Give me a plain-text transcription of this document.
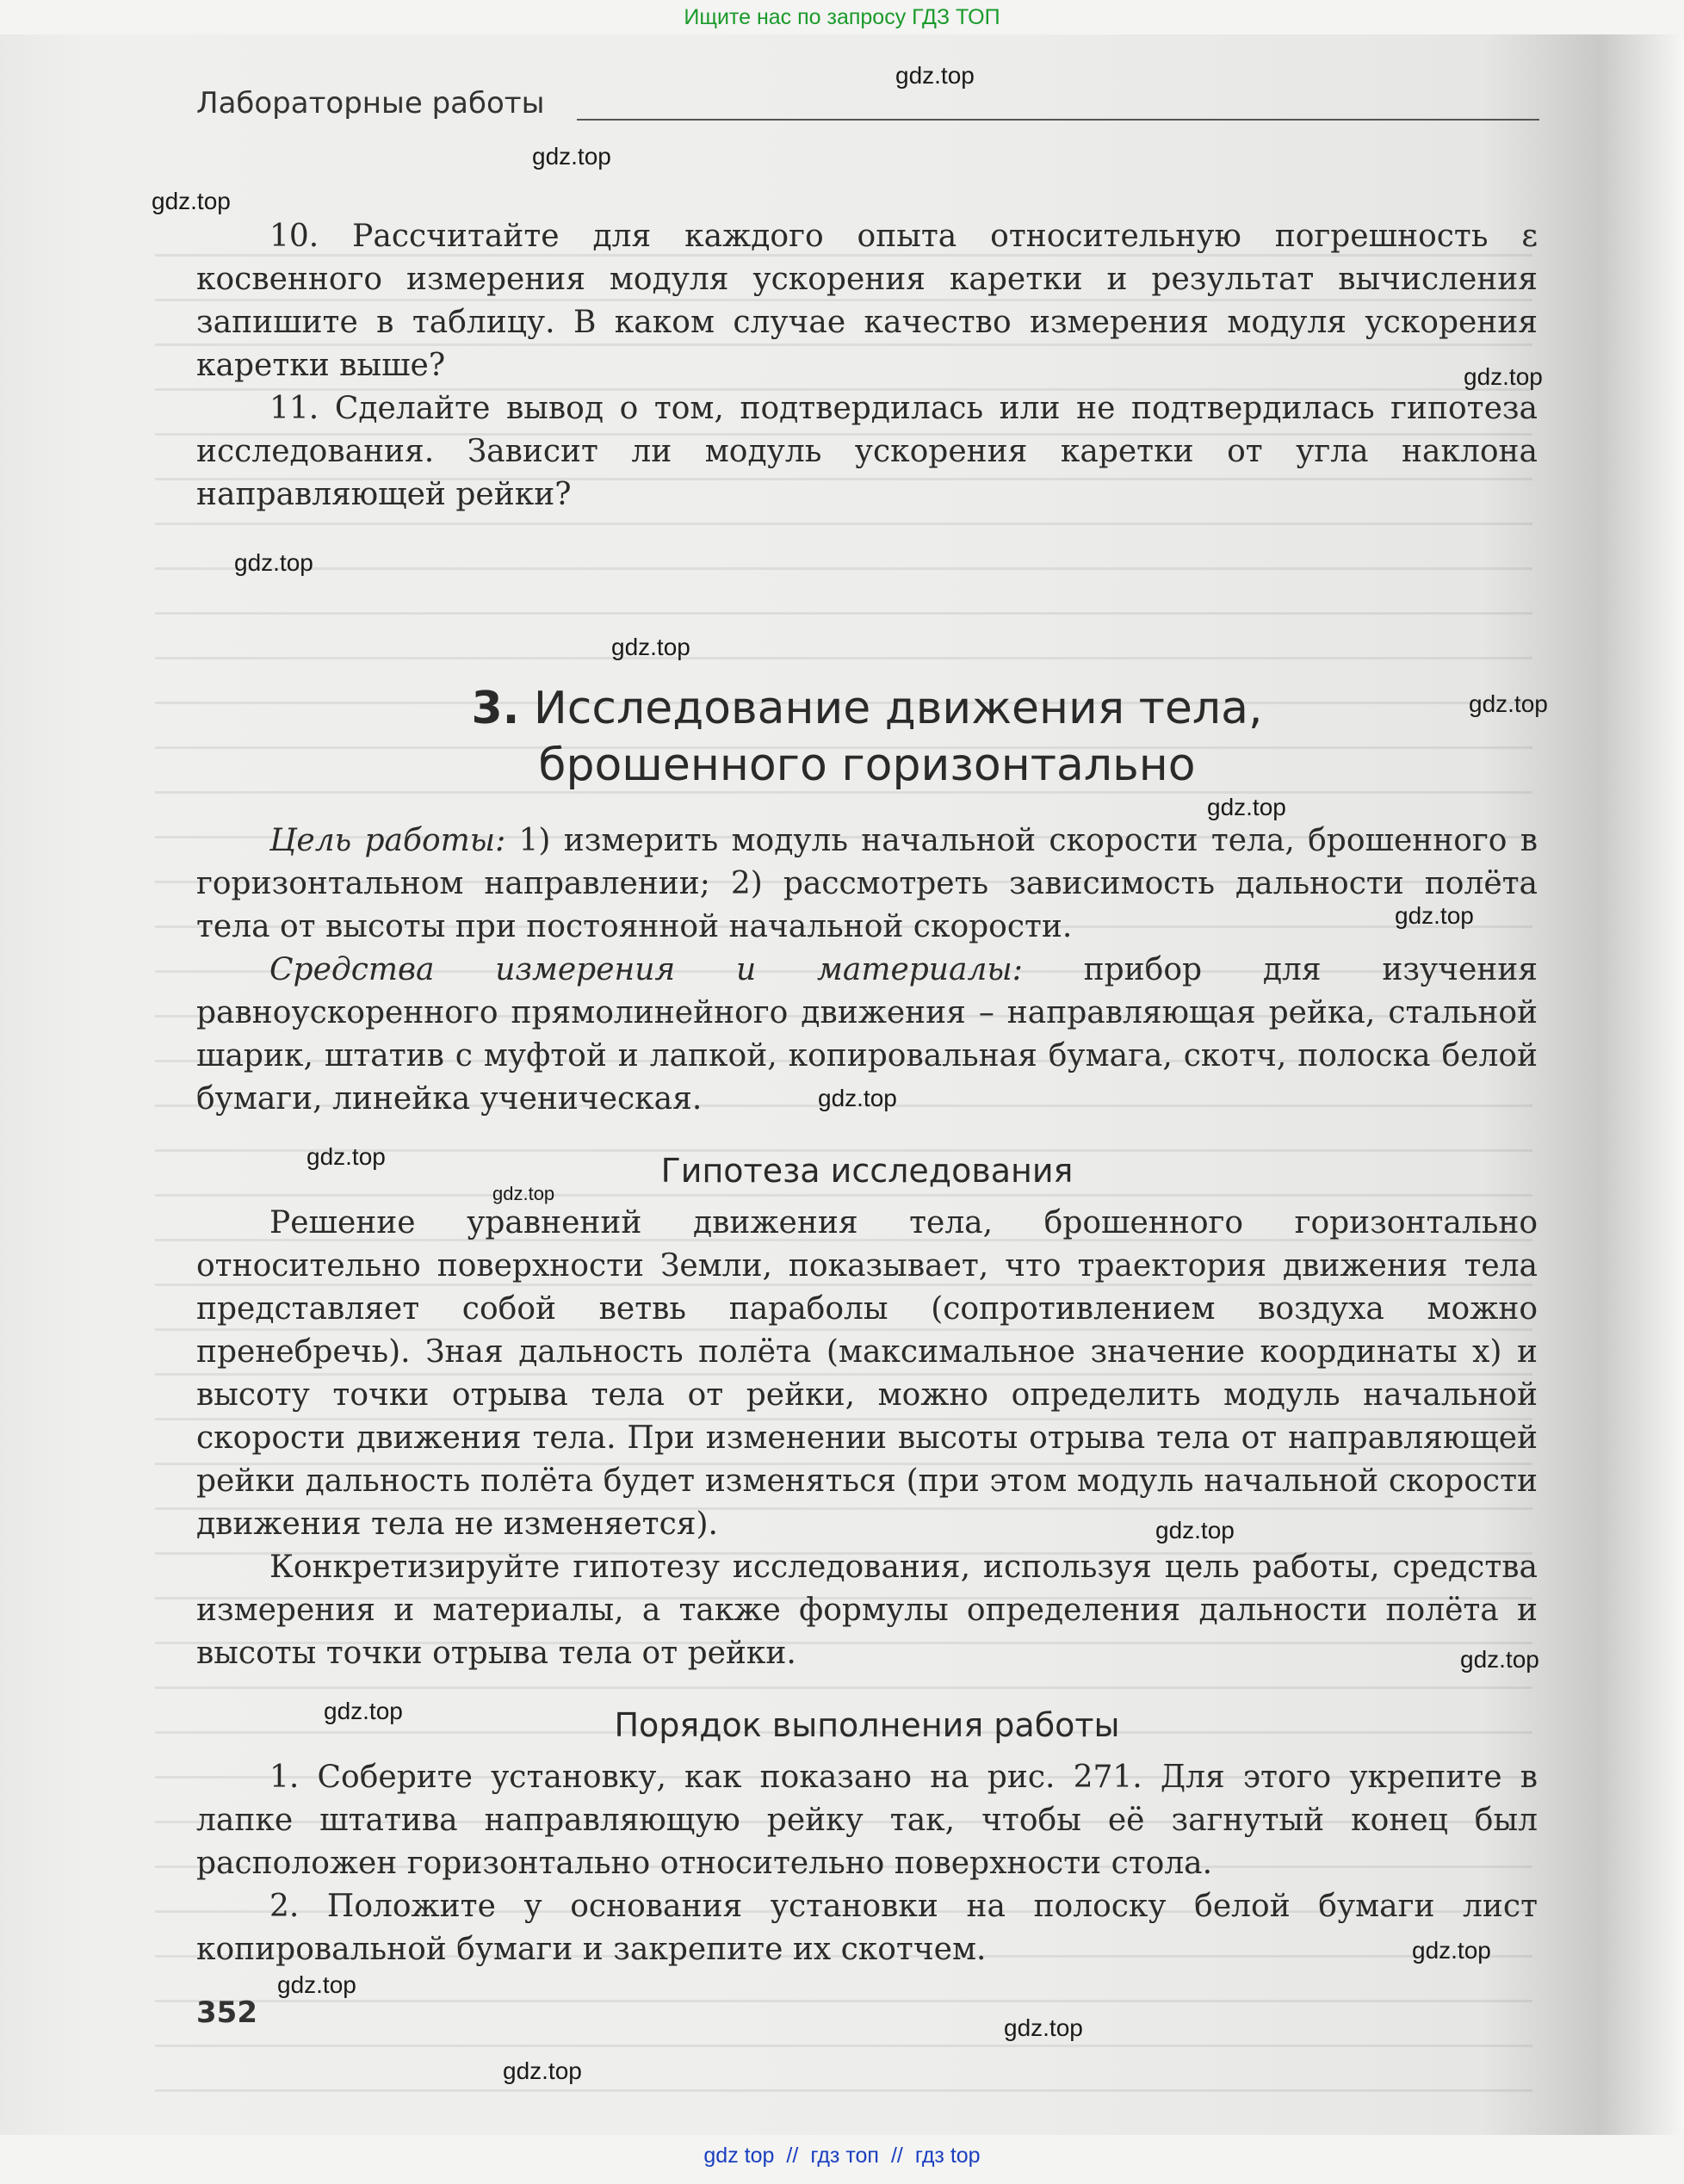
Ищите нас по запросу ГДЗ ТОП
Лабораторные работы

10. Рассчитайте для каждого опыта относительную погрешность ε косвенного измерения модуля ускорения каретки и результат вычисления запишите в таблицу. В каком случае качество измерения модуля ускорения каретки выше?

11. Сделайте вывод о том, подтвердилась или не подтвердилась гипотеза исследования. Зависит ли модуль ускорения каретки от угла наклона направляющей рейки?

3. Исследование движения тела,
брошенного горизонтально

Цель работы: 1) измерить модуль начальной скорости тела, брошенного в горизонтальном направлении; 2) рассмотреть зависимость дальности полёта тела от высоты при постоянной начальной скорости.

Средства измерения и материалы: прибор для изучения равноускоренного прямолинейного движения – направляющая рейка, стальной шарик, штатив с муфтой и лапкой, копировальная бумага, скотч, полоска белой бумаги, линейка ученическая.

Гипотеза исследования

Решение уравнений движения тела, брошенного горизонтально относительно поверхности Земли, показывает, что траектория движения тела представляет собой ветвь параболы (сопротивлением воздуха можно пренебречь). Зная дальность полёта (максимальное значение координаты x) и высоту точки отрыва тела от рейки, можно определить модуль начальной скорости движения тела. При изменении высоты отрыва тела от направляющей рейки дальность полёта будет изменяться (при этом модуль начальной скорости движения тела не изменяется).

Конкретизируйте гипотезу исследования, используя цель работы, средства измерения и материалы, а также формулы определения дальности полёта и высоты точки отрыва тела от рейки.

Порядок выполнения работы

1. Соберите установку, как показано на рис. 271. Для этого укрепите в лапке штатива направляющую рейку так, чтобы её загнутый конец был расположен горизонтально относительно поверхности стола.

2. Положите у основания установки на полоску белой бумаги лист копировальной бумаги и закрепите их скотчем.

352
gdz.top
gdz.top
gdz.top
gdz.top
gdz.top
gdz.top
gdz.top
gdz.top
gdz.top
gdz.top
gdz.top
gdz.top
gdz.top
gdz.top
gdz.top
gdz.top
gdz.top
gdz.top
gdz.top
gdz top // гдз топ // гдз top
